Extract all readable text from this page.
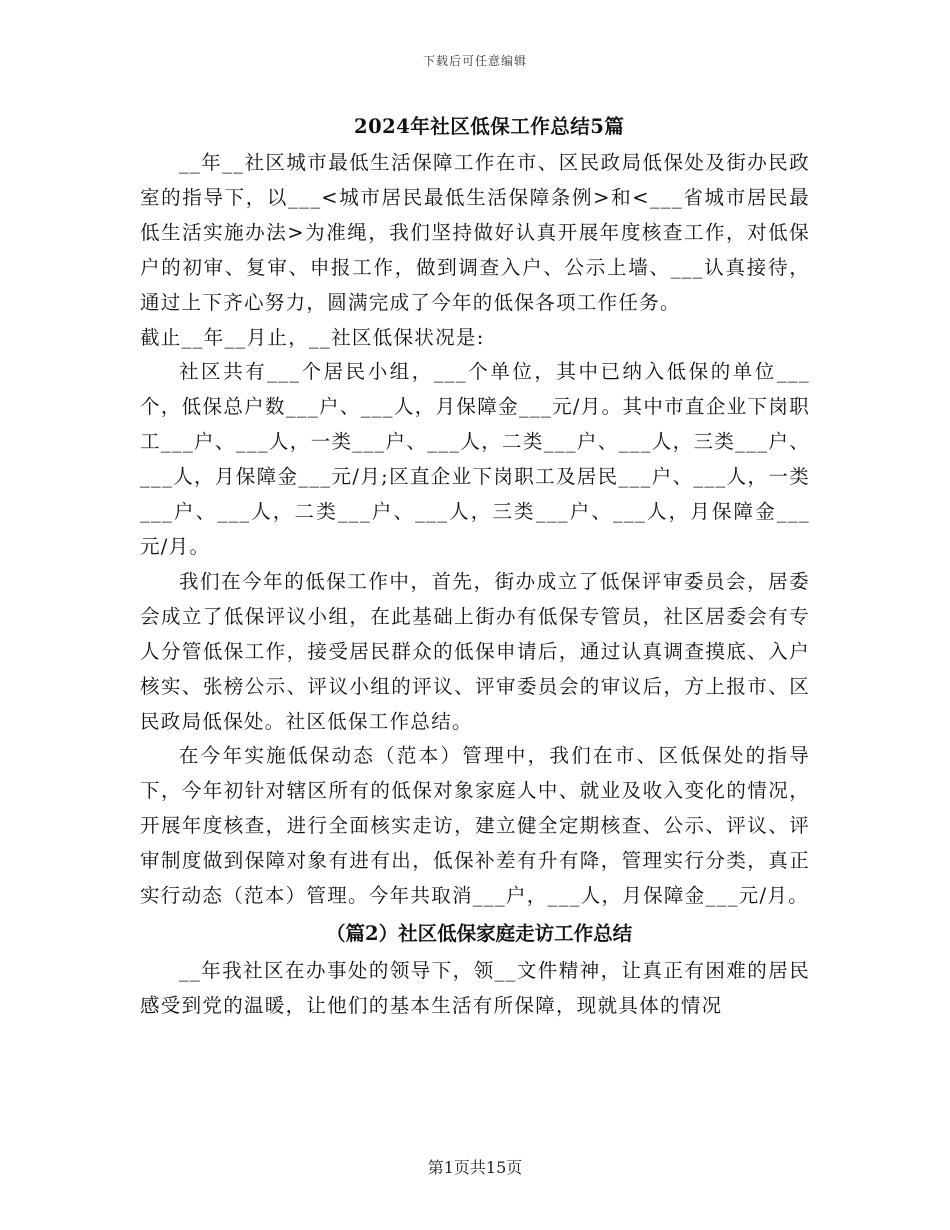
下载后可任意编辑
2024年社区低保工作总结5篇

__年__社区城市最低生活保障工作在市、区民政局低保处及街办民政室的指导下，以___<城市居民最低生活保障条例>和<___省城市居民最低生活实施办法>为准绳，我们坚持做好认真开展年度核查工作，对低保户的初审、复审、申报工作，做到调查入户、公示上墙、___认真接待，通过上下齐心努力，圆满完成了今年的低保各项工作任务。

截止__年__月止，__社区低保状况是:

社区共有___个居民小组，___个单位，其中已纳入低保的单位___个，低保总户数___户、___人，月保障金___元/月。其中市直企业下岗职工___户、___人，一类___户、___人，二类___户、___人，三类___户、___人，月保障金___元/月;区直企业下岗职工及居民___户、___人，一类___户、___人，二类___户、___人，三类___户、___人，月保障金___元/月。

我们在今年的低保工作中，首先，街办成立了低保评审委员会，居委会成立了低保评议小组，在此基础上街办有低保专管员，社区居委会有专人分管低保工作，接受居民群众的低保申请后，通过认真调查摸底、入户核实、张榜公示、评议小组的评议、评审委员会的审议后，方上报市、区民政局低保处。社区低保工作总结。

在今年实施低保动态（范本）管理中，我们在市、区低保处的指导下，今年初针对辖区所有的低保对象家庭人中、就业及收入变化的情况，开展年度核查，进行全面核实走访，建立健全定期核查、公示、评议、评审制度做到保障对象有进有出，低保补差有升有降，管理实行分类，真正实行动态（范本）管理。今年共取消___户，___人，月保障金___元/月。

（篇2）社区低保家庭走访工作总结

__年我社区在办事处的领导下，领__文件精神，让真正有困难的居民感受到党的温暖，让他们的基本生活有所保障，现就具体的情况

第1页共15页
